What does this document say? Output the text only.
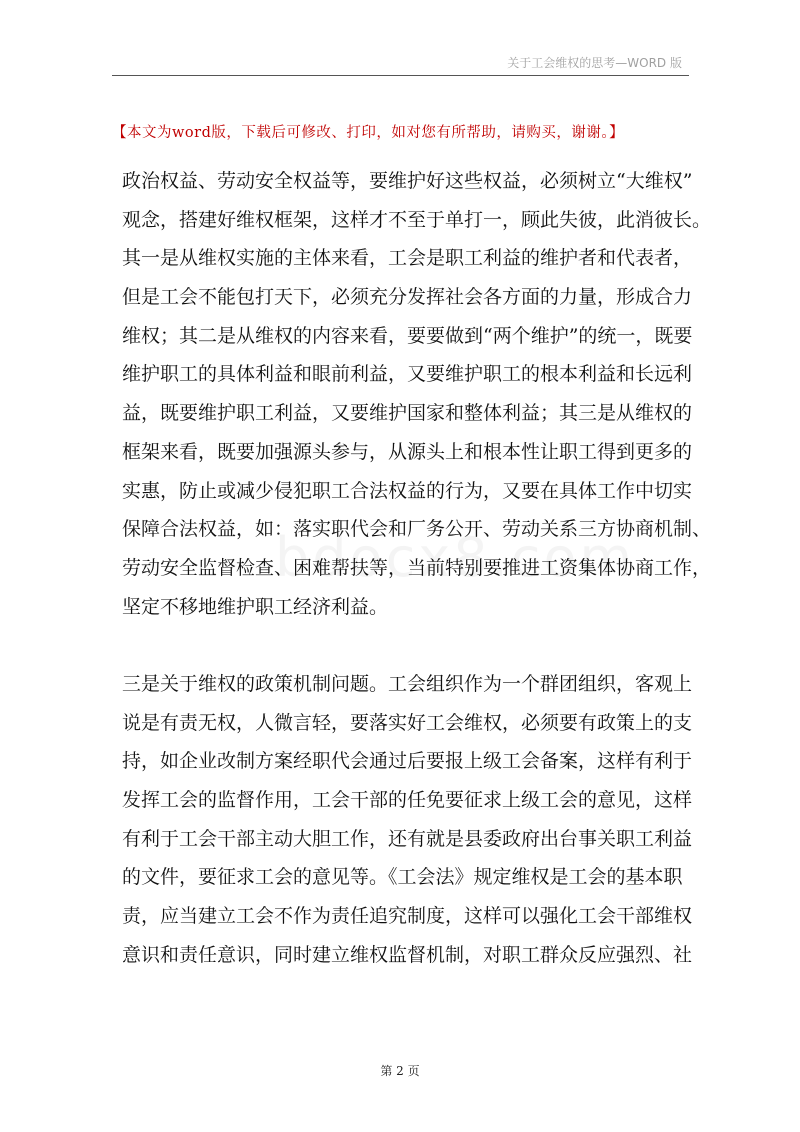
关于工会维权的思考—WORD 版
【本文为word版，下载后可修改、打印，如对您有所帮助，请购买，谢谢。】
政治权益、劳动安全权益等，要维护好这些权益，必须树立“大维权”
观念，搭建好维权框架，这样才不至于单打一，顾此失彼，此消彼长。
其一是从维权实施的主体来看，工会是职工利益的维护者和代表者，
但是工会不能包打天下，必须充分发挥社会各方面的力量，形成合力
维权；其二是从维权的内容来看，要要做到“两个维护”的统一，既要
维护职工的具体利益和眼前利益，又要维护职工的根本利益和长远利
益，既要维护职工利益，又要维护国家和整体利益；其三是从维权的
框架来看，既要加强源头参与，从源头上和根本性让职工得到更多的
实惠，防止或减少侵犯职工合法权益的行为，又要在具体工作中切实
保障合法权益，如：落实职代会和厂务公开、劳动关系三方协商机制、
劳动安全监督检查、困难帮扶等，当前特别要推进工资集体协商工作，
坚定不移地维护职工经济利益。
三是关于维权的政策机制问题。工会组织作为一个群团组织，客观上
说是有责无权，人微言轻，要落实好工会维权，必须要有政策上的支
持，如企业改制方案经职代会通过后要报上级工会备案，这样有利于
发挥工会的监督作用，工会干部的任免要征求上级工会的意见，这样
有利于工会干部主动大胆工作，还有就是县委政府出台事关职工利益
的文件，要征求工会的意见等。《工会法》规定维权是工会的基本职
责，应当建立工会不作为责任追究制度，这样可以强化工会干部维权
意识和责任意识，同时建立维权监督机制，对职工群众反应强烈、社
第 2 页
